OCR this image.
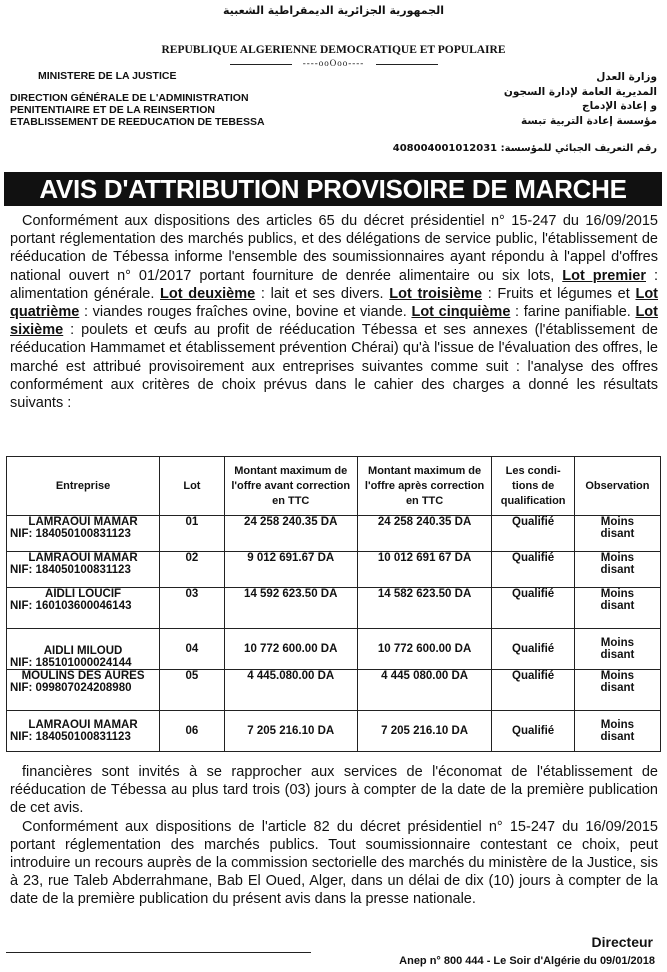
الجمهورية الجزائرية الديمقراطية الشعبية
REPUBLIQUE ALGERIENNE DEMOCRATIQUE ET POPULAIRE
----ooOoo----
MINISTERE DE LA JUSTICE
DIRECTION GÉNÉRALE DE L'ADMINISTRATION
PENITENTIAIRE ET DE LA REINSERTION
ETABLISSEMENT DE REEDUCATION DE TEBESSA
وزارة العدل
المديرية العامة لإدارة السجون
و إعادة الإدماج
مؤسسة إعادة التربية تبسة
رقم التعريف الجبائي للمؤسسة: 408004001012031
AVIS D'ATTRIBUTION PROVISOIRE DE MARCHE
Conformément aux dispositions des articles 65 du décret présidentiel n° 15-247 du 16/09/2015 portant réglementation des marchés publics, et des délégations de service public, l'établissement de rééducation de Tébessa informe l'ensemble des soumissionnaires ayant répondu à l'appel d'offres national ouvert n° 01/2017 portant fourniture de denrée alimentaire ou six lots, Lot premier : alimentation générale. Lot deuxième : lait et ses divers. Lot troisième : Fruits et légumes et Lot quatrième : viandes rouges fraîches ovine, bovine et viande. Lot cinquième : farine panifiable. Lot sixième : poulets et œufs au profit de rééducation Tébessa et ses annexes (l'établissement de rééducation Hammamet et établissement prévention Chérai) qu'à l'issue de l'évaluation des offres, le marché est attribué provisoirement aux entreprises suivantes comme suit : l'analyse des offres conformément aux critères de choix prévus dans le cahier des charges a donné les résultats suivants :
Entreprise	Lot	Montant maximum de
l'offre avant correction
en TTC	Montant maximum de
l'offre après correction
en TTC	Les condi-
tions de
qualification	Observation

LAMRAOUI MAMAR
NIF: 184050100831123	01	24 258 240.35 DA	24 258 240.35 DA	Qualifié	Moins
disant

LAMRAOUI MAMAR
NIF: 184050100831123	02	9 012 691.67 DA	10 012 691 67 DA	Qualifié	Moins
disant

AIDLI LOUCIF
NIF: 160103600046143	03	14 592 623.50 DA	14 582 623.50 DA	Qualifié	Moins
disant

AIDLI MILOUD
NIF: 185101000024144	04	10 772 600.00 DA	10 772 600.00 DA	Qualifié	Moins
disant

MOULINS DES AURES
NIF: 099807024208980	05	4 445.080.00 DA	4 445 080.00 DA	Qualifié	Moins
disant

LAMRAOUI MAMAR
NIF: 184050100831123	06	7 205 216.10 DA	7 205 216.10 DA	Qualifié	Moins
disant

financières sont invités à se rapprocher aux services de l'économat de l'établissement de rééducation de Tébessa au plus tard trois (03) jours à compter de la date de la première publication de cet avis.

Conformément aux dispositions de l'article 82 du décret présidentiel n° 15-247 du 16/09/2015 portant réglementation des marchés publics. Tout soumissionnaire contestant ce choix, peut introduire un recours auprès de la commission sectorielle des marchés du ministère de la Justice, sis à 23, rue Taleb Abderrahmane, Bab El Oued, Alger, dans un délai de dix (10) jours à compter de la date de la première publication du présent avis dans la presse nationale.

Directeur
Anep n° 800 444 - Le Soir d'Algérie du 09/01/2018
